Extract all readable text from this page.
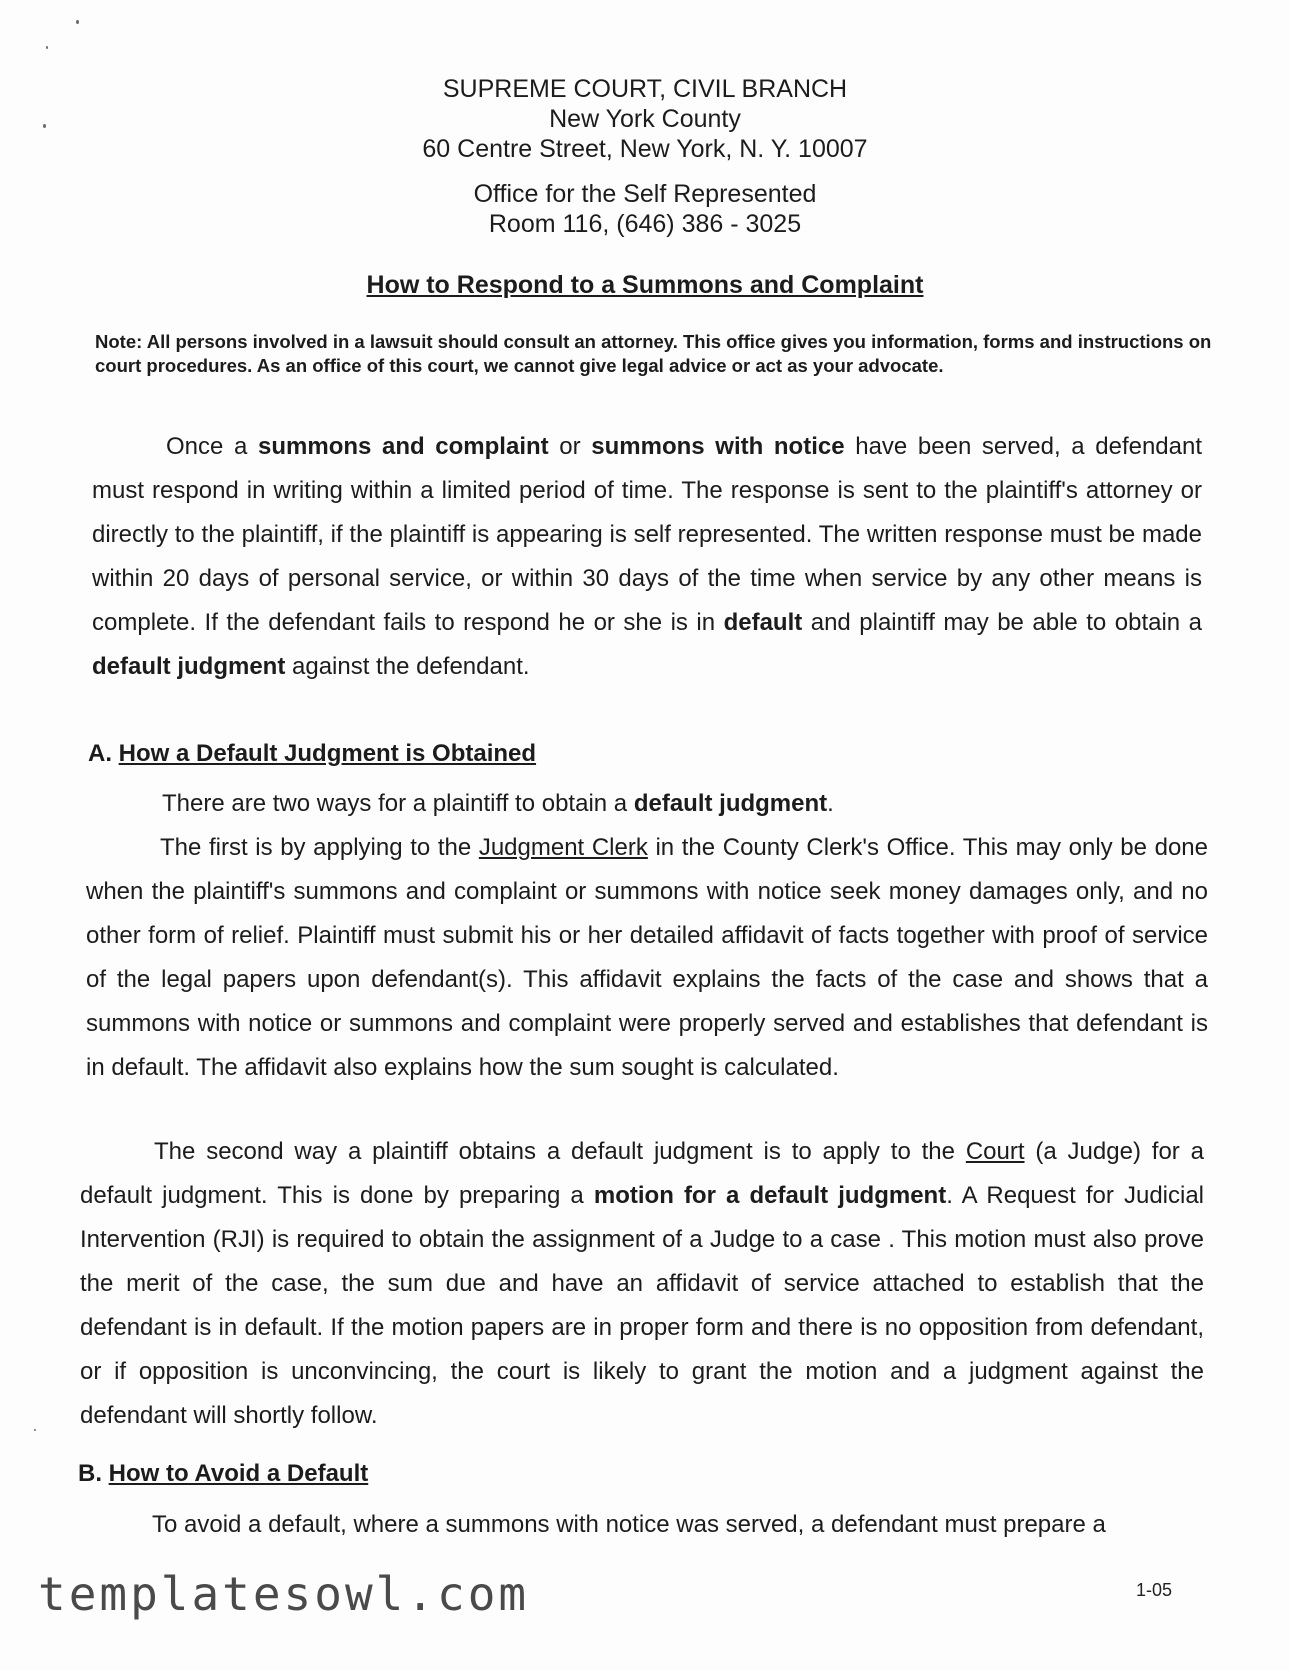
SUPREME COURT, CIVIL BRANCH
New York County
60 Centre Street, New York, N. Y. 10007
Office for the Self Represented
Room 116, (646) 386 - 3025
How to Respond to a Summons and Complaint
Note: All persons involved in a lawsuit should consult an attorney. This office gives you information, forms and instructions on court procedures. As an office of this court, we cannot give legal advice or act as your advocate.
Once a summons and complaint or summons with notice have been served, a defendant must respond in writing within a limited period of time. The response is sent to the plaintiff's attorney or directly to the plaintiff, if the plaintiff is appearing is self represented. The written response must be made within 20 days of personal service, or within 30 days of the time when service by any other means is complete. If the defendant fails to respond he or she is in default and plaintiff may be able to obtain a default judgment against the defendant.
A. How a Default Judgment is Obtained
There are two ways for a plaintiff to obtain a default judgment.
The first is by applying to the Judgment Clerk in the County Clerk's Office. This may only be done when the plaintiff's summons and complaint or summons with notice seek money damages only, and no other form of relief. Plaintiff must submit his or her detailed affidavit of facts together with proof of service of the legal papers upon defendant(s). This affidavit explains the facts of the case and shows that a summons with notice or summons and complaint were properly served and establishes that defendant is in default. The affidavit also explains how the sum sought is calculated.
The second way a plaintiff obtains a default judgment is to apply to the Court (a Judge) for a default judgment. This is done by preparing a motion for a default judgment. A Request for Judicial Intervention (RJI) is required to obtain the assignment of a Judge to a case . This motion must also prove the merit of the case, the sum due and have an affidavit of service attached to establish that the defendant is in default. If the motion papers are in proper form and there is no opposition from defendant, or if opposition is unconvincing, the court is likely to grant the motion and a judgment against the defendant will shortly follow.
B. How to Avoid a Default
To avoid a default, where a summons with notice was served, a defendant must prepare a
templatesowl.com	1-05
